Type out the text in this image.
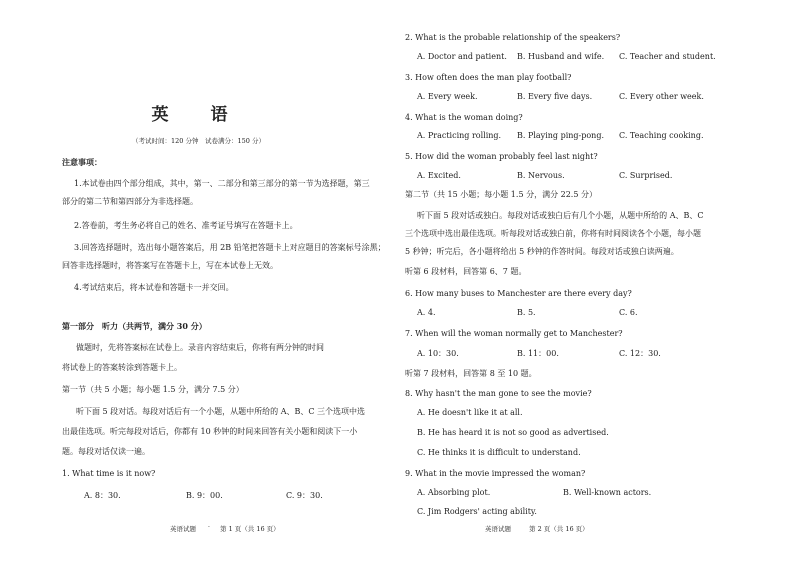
英 语
（考试时间：120 分钟　试卷满分：150 分）
注意事项：
1.本试卷由四个部分组成，其中，第一、二部分和第三部分的第一节为选择题，第三
部分的第二节和第四部分为非选择题。
2.答卷前，考生务必将自己的姓名、准考证号填写在答题卡上。
3.回答选择题时，选出每小题答案后，用 2B 铅笔把答题卡上对应题目的答案标号涂黑；
回答非选择题时，将答案写在答题卡上，写在本试卷上无效。
4.考试结束后，将本试卷和答题卡一并交回。
第一部分　听力（共两节，满分 30 分）
做题时，先将答案标在试卷上。录音内容结束后，你将有两分钟的时间
将试卷上的答案转涂到答题卡上。
第一节（共 5 小题；每小题 1.5 分，满分 7.5 分）
听下面 5 段对话。每段对话后有一个小题，从题中所给的 A、B、C 三个选项中选
出最佳选项。听完每段对话后，你都有 10 秒钟的时间来回答有关小题和阅读下一小
题。每段对话仅读一遍。
1. What time is it now?
A. 8：30.	B. 9：00.	C. 9：30.
英语试题 · 第 1 页（共 16 页）
2. What is the probable relationship of the speakers?
A. Doctor and patient. B. Husband and wife. C. Teacher and student.
3. How often does the man play football?
A. Every week.	B. Every five days.	C. Every other week.
4. What is the woman doing?
A. Practicing rolling. B. Playing ping-pong. C. Teaching cooking.
5. How did the woman probably feel last night?
A. Excited.	B. Nervous.	C. Surprised.
第二节（共 15 小题；每小题 1.5 分，满分 22.5 分）
听下面 5 段对话或独白。每段对话或独白后有几个小题，从题中所给的 A、B、C
三个选项中选出最佳选项。听每段对话或独白前，你将有时间阅读各个小题，每小题
5 秒钟；听完后，各小题将给出 5 秒钟的作答时间。每段对话或独白读两遍。
听第 6 段材料，回答第 6、7 题。
6. How many buses to Manchester are there every day?
A. 4.	B. 5.	C. 6.
7. When will the woman normally get to Manchester?
A. 10：30.	B. 11：00.	C. 12：30.
听第 7 段材料，回答第 8 至 10 题。
8. Why hasn't the man gone to see the movie?
A. He doesn't like it at all.
B. He has heard it is not so good as advertised.
C. He thinks it is difficult to understand.
9. What in the movie impressed the woman?
A. Absorbing plot.	B. Well-known actors.
C. Jim Rodgers' acting ability.
英语试题	第 2 页（共 16 页）
